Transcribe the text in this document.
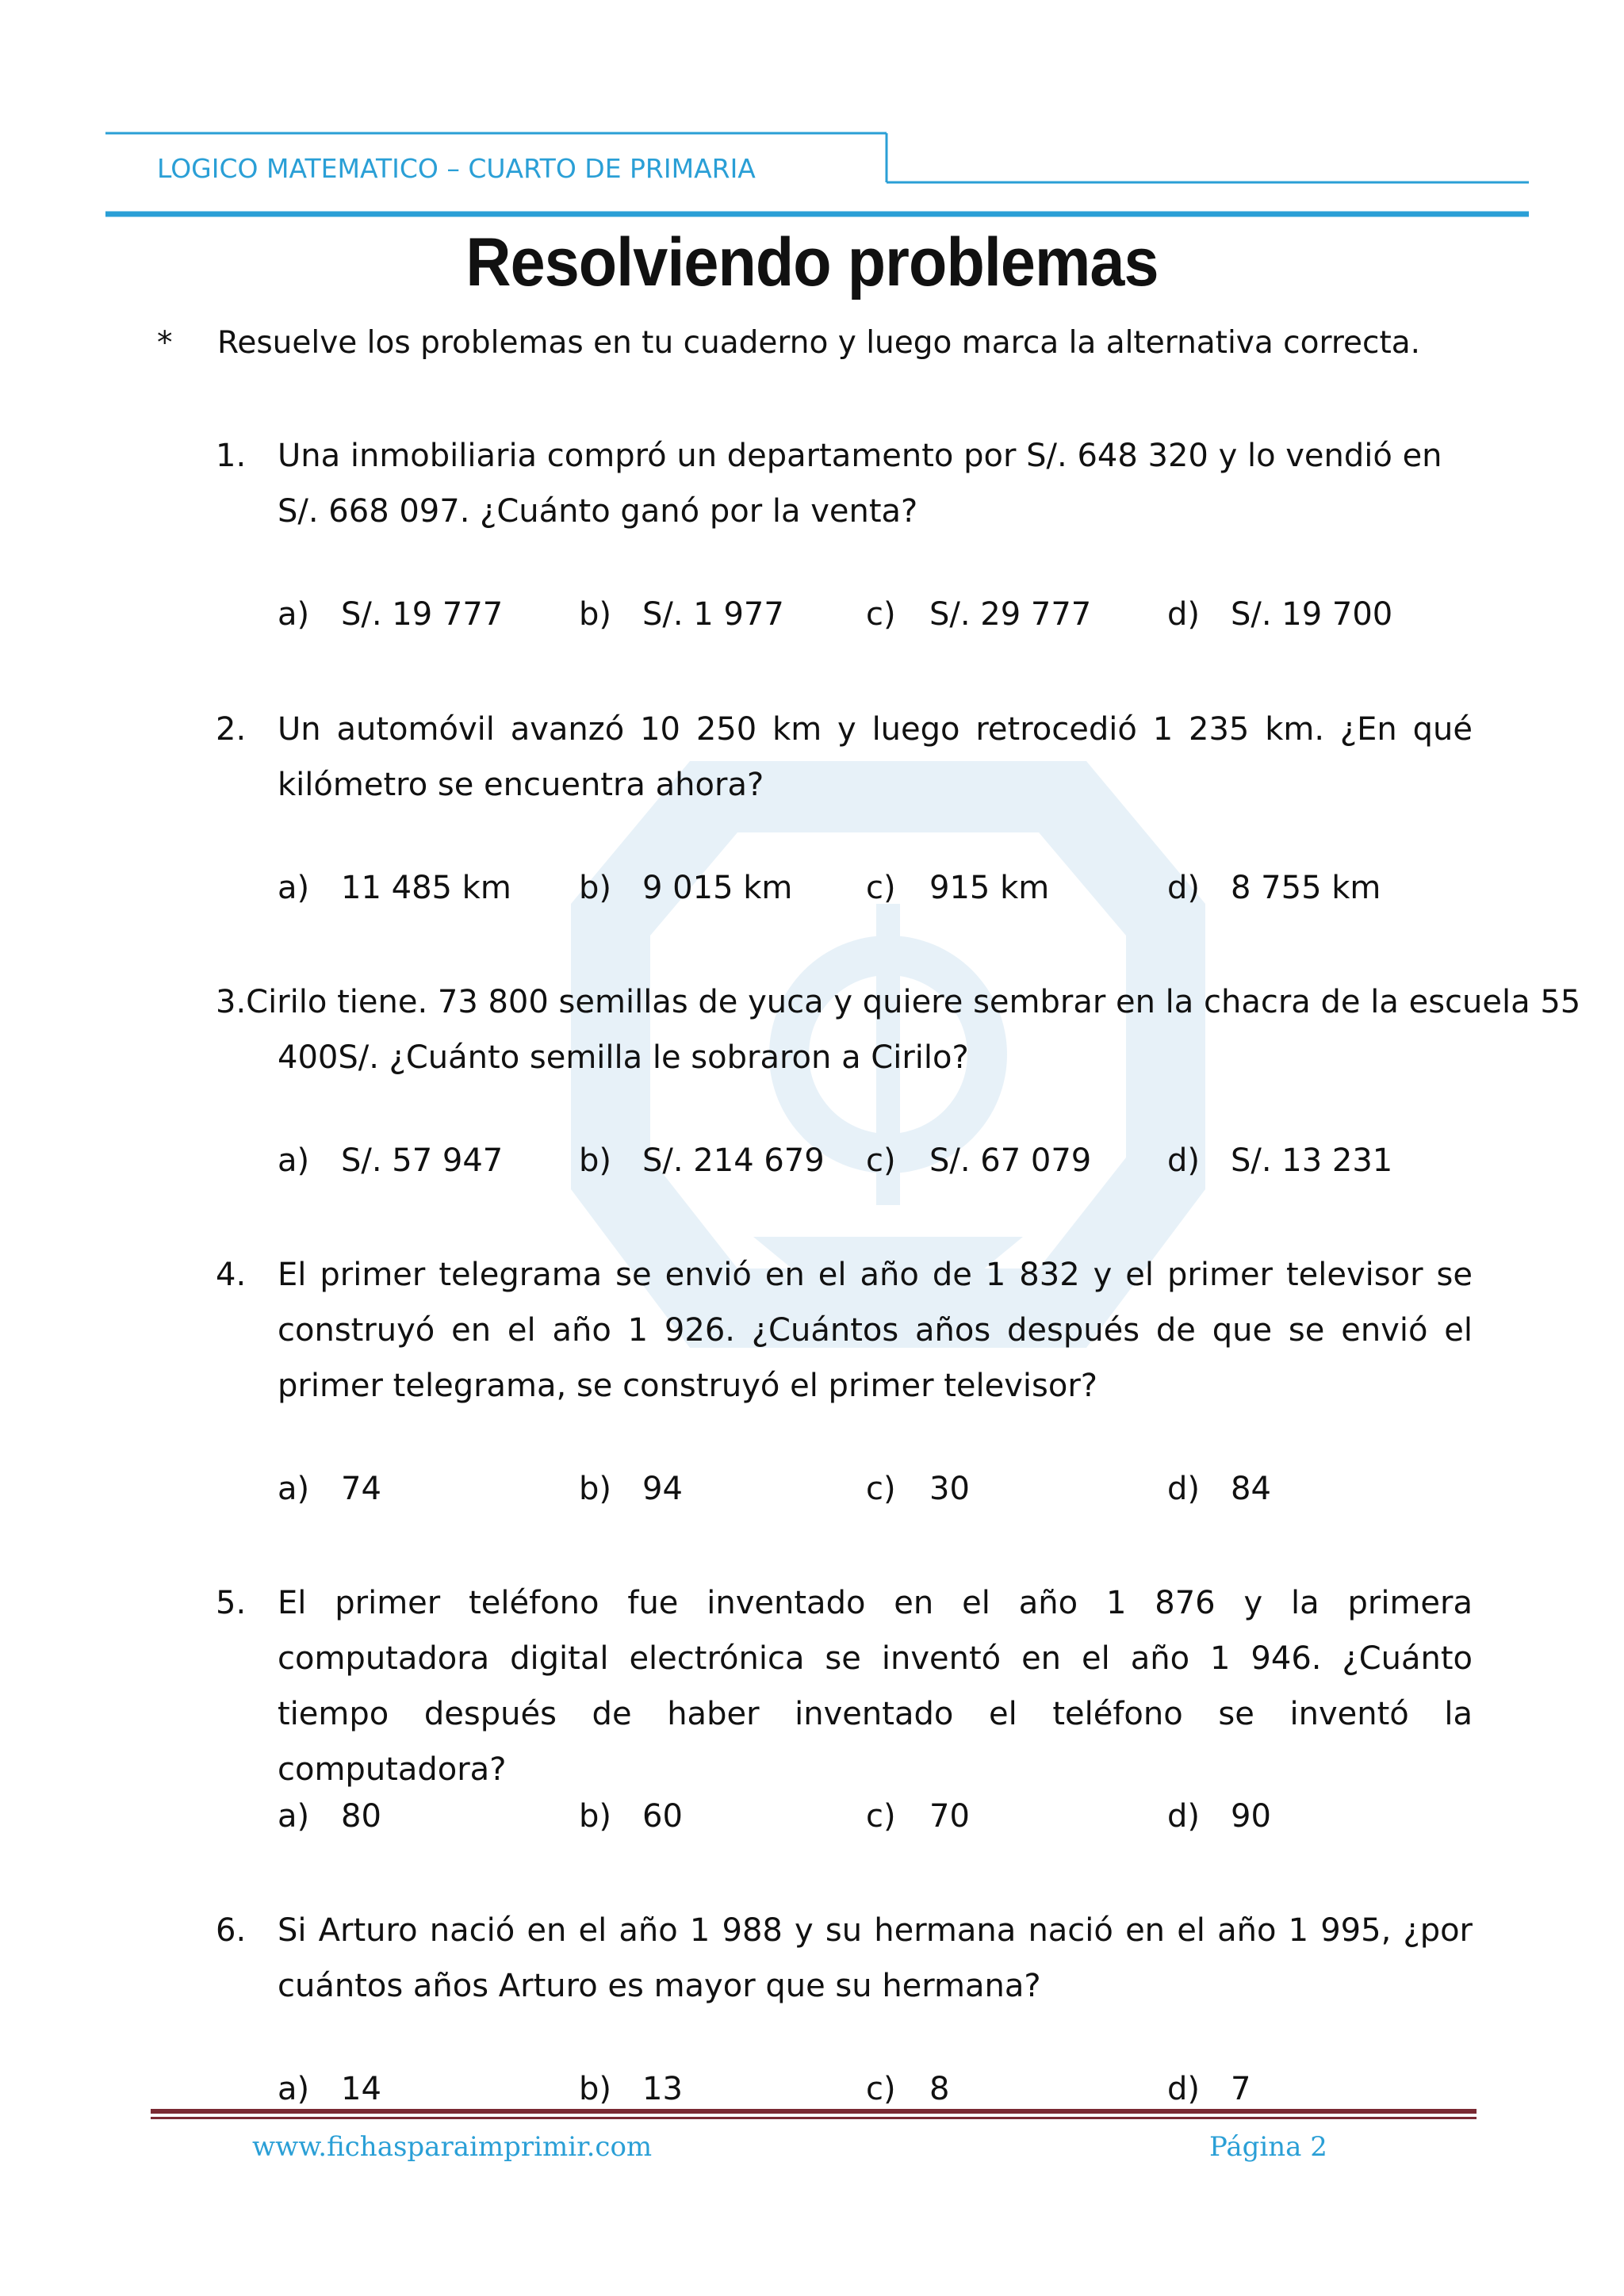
LOGICO MATEMATICO – CUARTO DE PRIMARIA
Resolviendo problemas
* Resuelve los problemas en tu cuaderno y luego marca la alternativa correcta.
1. Una inmobiliaria compró un departamento por S/. 648 320 y lo vendió en
S/. 668 097. ¿Cuánto ganó por la venta?
a) S/. 19 777 b) S/. 1 977	c) S/. 29 777 d) S/. 19 700
2. Un automóvil avanzó 10 250 km y luego retrocedió 1 235 km. ¿En qué kilómetro se encuentra ahora?
a) 11 485 km b) 9 015 km c) 915 km	d) 8 755 km
3.Cirilo tiene. 73 800 semillas de yuca y quiere sembrar en la chacra de la escuela 55
400S/. ¿Cuánto semilla le sobraron a Cirilo?
a) S/. 57 947 b) S/. 214 679 c) S/. 67 079 d) S/. 13 231
4. El primer telegrama se envió en el año de 1 832 y el primer televisor se construyó en el año 1 926. ¿Cuántos años después de que se envió el primer telegrama, se construyó el primer televisor?
a) 74	b) 94	c) 30	d) 84
5. El primer teléfono fue inventado en el año 1 876 y la primera computadora digital electrónica se inventó en el año 1 946. ¿Cuánto tiempo después de haber inventado el teléfono se inventó la computadora?
a) 80	b) 60	c) 70	d) 90
6. Si Arturo nació en el año 1 988 y su hermana nació en el año 1 995, ¿por cuántos años Arturo es mayor que su hermana?
a) 14	b) 13	c) 8	d) 7
www.fichasparaimprimir.com	Página 2
